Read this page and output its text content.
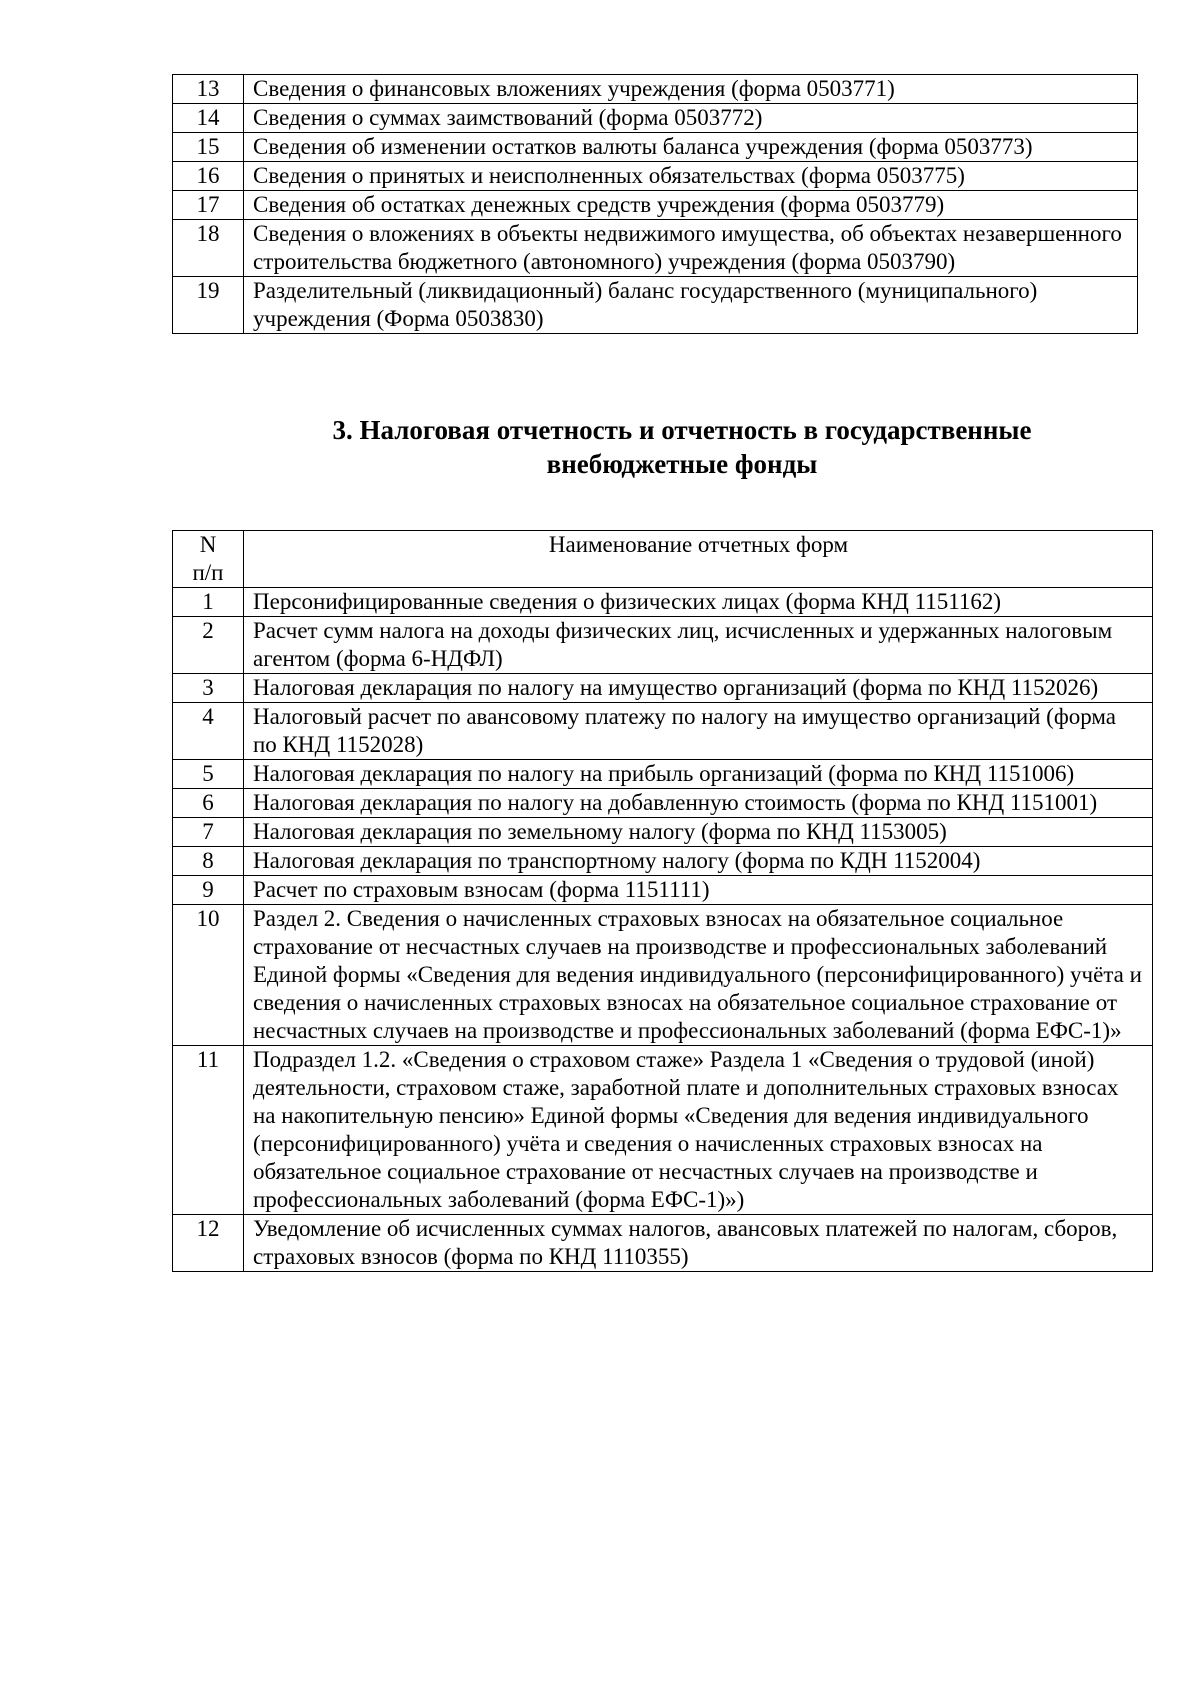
13	Сведения о финансовых вложениях учреждения (форма 0503771)
14	Сведения о суммах заимствований (форма 0503772)
15	Сведения об изменении остатков валюты баланса учреждения (форма 0503773)
16	Сведения о принятых и неисполненных обязательствах (форма 0503775)
17	Сведения об остатках денежных средств учреждения (форма 0503779)
18	Сведения о вложениях в объекты недвижимого имущества, об объектах незавершенного строительства бюджетного (автономного) учреждения (форма 0503790)
19	Разделительный (ликвидационный) баланс государственного (муниципального) учреждения (Форма 0503830)
3. Налоговая отчетность и отчетность в государственные
внебюджетные фонды
N
п/п	Наименование отчетных форм
1	Персонифицированные сведения о физических лицах (форма КНД 1151162)
2	Расчет сумм налога на доходы физических лиц, исчисленных и удержанных налоговым агентом (форма 6-НДФЛ)
3	Налоговая декларация по налогу на имущество организаций (форма по КНД 1152026)
4	Налоговый расчет по авансовому платежу по налогу на имущество организаций (форма по КНД 1152028)
5	Налоговая декларация по налогу на прибыль организаций (форма по КНД 1151006)
6	Налоговая декларация по налогу на добавленную стоимость (форма по КНД 1151001)
7	Налоговая декларация по земельному налогу (форма по КНД 1153005)
8	Налоговая декларация по транспортному налогу (форма по КДН 1152004)
9	Расчет по страховым взносам (форма 1151111)
10	Раздел 2. Сведения о начисленных страховых взносах на обязательное социальное страхование от несчастных случаев на производстве и профессиональных заболеваний Единой формы «Сведения для ведения индивидуального (персонифицированного) учёта и сведения о начисленных страховых взносах на обязательное социальное страхование от несчастных случаев на производстве и профессиональных заболеваний (форма ЕФС-1)»
11	Подраздел 1.2. «Сведения о страховом стаже» Раздела 1 «Сведения о трудовой (иной) деятельности, страховом стаже, заработной плате и дополнительных страховых взносах на накопительную пенсию» Единой формы «Сведения для ведения индивидуального (персонифицированного) учёта и сведения о начисленных страховых взносах на обязательное социальное страхование от несчастных случаев на производстве и профессиональных заболеваний (форма ЕФС-1)»)
12	Уведомление об исчисленных суммах налогов, авансовых платежей по налогам, сборов, страховых взносов (форма по КНД 1110355)
